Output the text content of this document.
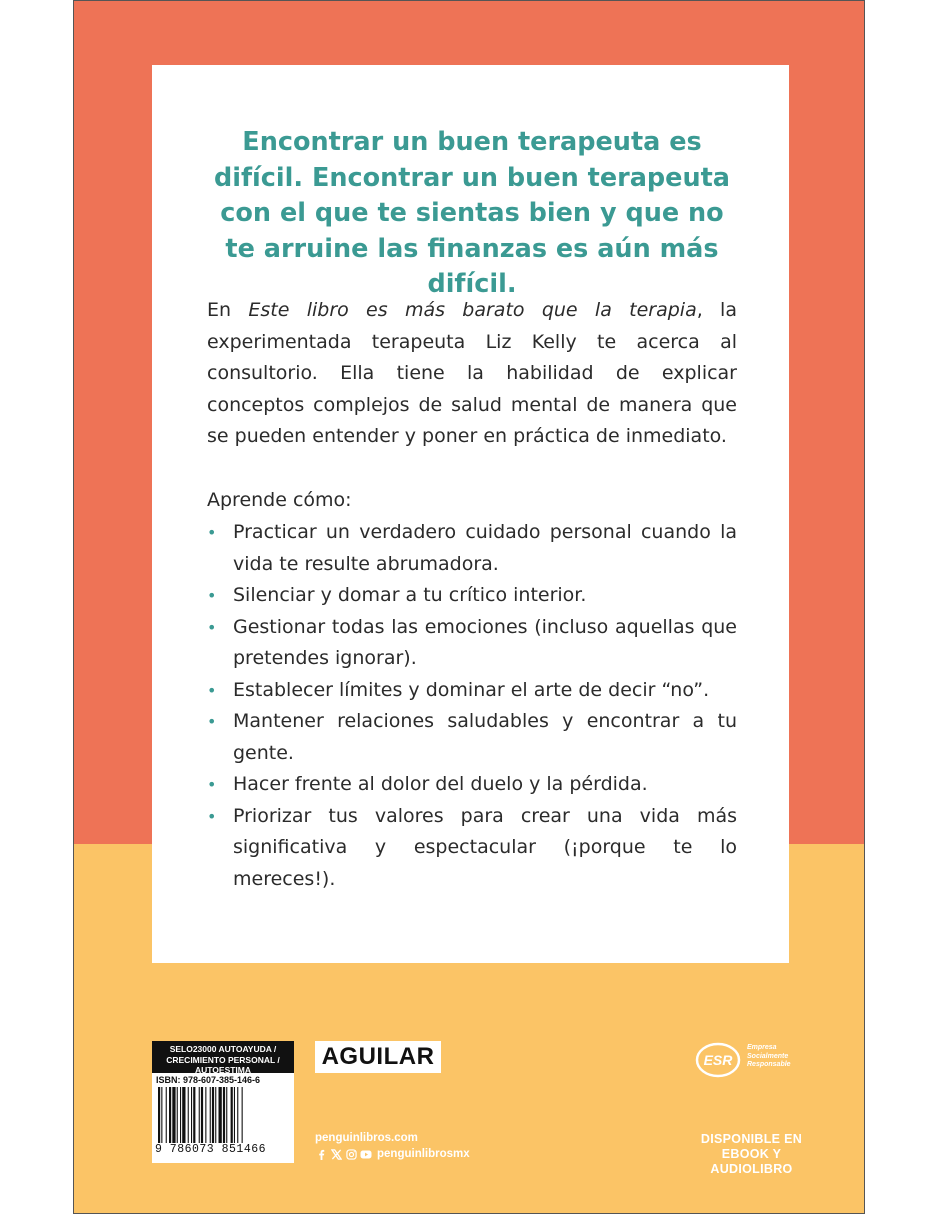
Encontrar un buen terapeuta es difícil. Encontrar un buen terapeuta con el que te sientas bien y que no te arruine las finanzas es aún más difícil.

En Este libro es más barato que la terapia, la experimentada terapeuta Liz Kelly te acerca al consultorio. Ella tiene la habilidad de explicar conceptos complejos de salud mental de manera que se pueden entender y poner en práctica de inmediato.

Aprende cómo:

• Practicar un verdadero cuidado personal cuando la vida te resulte abrumadora.
• Silenciar y domar a tu crítico interior.
• Gestionar todas las emociones (incluso aquellas que pretendes ignorar).
• Establecer límites y dominar el arte de decir “no”.
• Mantener relaciones saludables y encontrar a tu gente.
• Hacer frente al dolor del duelo y la pérdida.
• Priorizar tus valores para crear una vida más significativa y espectacular (¡porque te lo mereces!).
SELO23000 AUTOAYUDA /
CRECIMIENTO PERSONAL /
AUTOESTIMA
ISBN: 978-607-385-146-6
9 786073 851466
AGUILAR
penguinlibros.com
penguinlibrosmx
ESR
Empresa
Socialmente
Responsable
DISPONIBLE EN
EBOOK Y AUDIOLIBRO
